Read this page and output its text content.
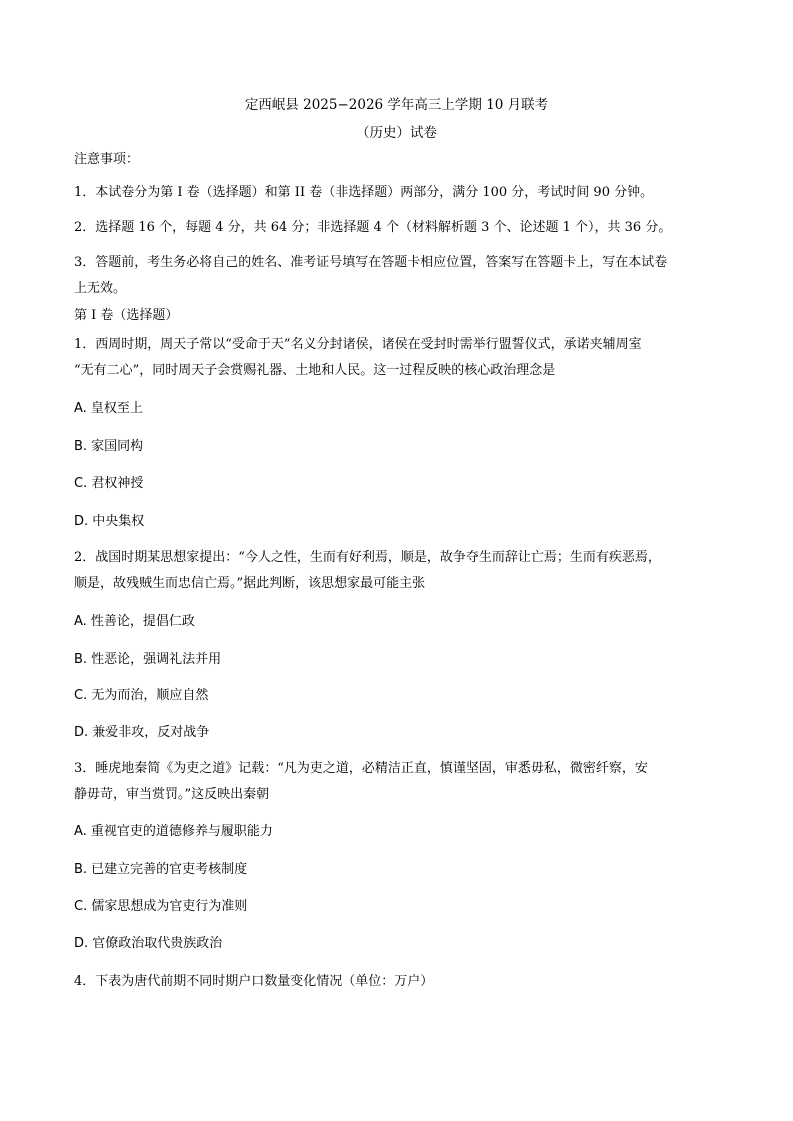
定西岷县 2025−2026 学年高三上学期 10 月联考
（历史）试卷
注意事项：
1．本试卷分为第 I 卷（选择题）和第 II 卷（非选择题）两部分，满分 100 分，考试时间 90 分钟。
2．选择题 16 个，每题 4 分，共 64 分；非选择题 4 个（材料解析题 3 个、论述题 1 个），共 36 分。
3．答题前，考生务必将自己的姓名、准考证号填写在答题卡相应位置，答案写在答题卡上，写在本试卷
上无效。
第 I 卷（选择题）
1．西周时期，周天子常以“受命于天”名义分封诸侯，诸侯在受封时需举行盟誓仪式，承诺夹辅周室
“无有二心”，同时周天子会赏赐礼器、土地和人民。这一过程反映的核心政治理念是
A. 皇权至上
B. 家国同构
C. 君权神授
D. 中央集权
2．战国时期某思想家提出：“今人之性，生而有好利焉，顺是，故争夺生而辞让亡焉；生而有疾恶焉，
顺是，故残贼生而忠信亡焉。”据此判断，该思想家最可能主张
A. 性善论，提倡仁政
B. 性恶论，强调礼法并用
C. 无为而治，顺应自然
D. 兼爱非攻，反对战争
3．睡虎地秦简《为吏之道》记载：“凡为吏之道，必精洁正直，慎谨坚固，审悉毋私，微密纤察，安
静毋苛，审当赏罚。”这反映出秦朝
A. 重视官吏的道德修养与履职能力
B. 已建立完善的官吏考核制度
C. 儒家思想成为官吏行为准则
D. 官僚政治取代贵族政治
4．下表为唐代前期不同时期户口数量变化情况（单位：万户）
